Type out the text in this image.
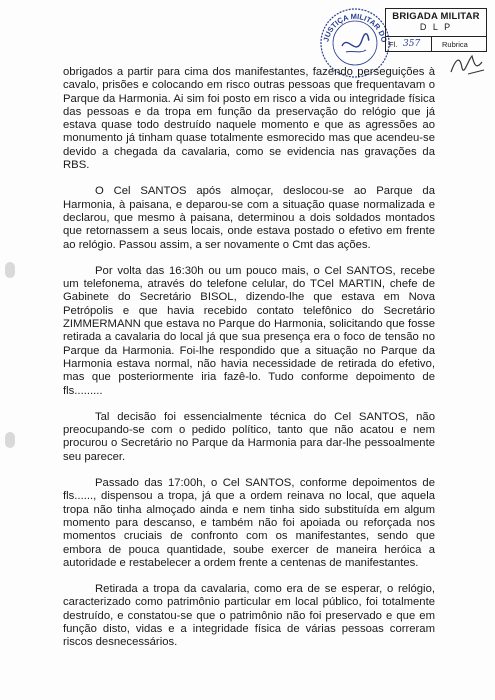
JUSTIÇA MILITAR DO
BRIGADA MILITAR
D L P
Fl. 357	Rubrica

obrigados a partir para cima dos manifestantes, fazendo perseguições à cavalo, prisões e colocando em risco outras pessoas que frequentavam o Parque da Harmonia. Ai sim foi posto em risco a vida ou integridade física das pessoas e da tropa em função da preservação do relógio que já estava quase todo destruído naquele momento e que as agressões ao monumento já tinham quase totalmente esmorecido mas que acendeu-se devido a chegada da cavalaria, como se evidencia nas gravações da RBS.

O Cel SANTOS após almoçar, deslocou-se ao Parque da Harmonia, à paisana, e deparou-se com a situação quase normalizada e declarou, que mesmo à paisana, determinou a dois soldados montados que retornassem a seus locais, onde estava postado o efetivo em frente ao relógio. Passou assim, a ser novamente o Cmt das ações.

Por volta das 16:30h ou um pouco mais, o Cel SANTOS, recebe um telefonema, através do telefone celular, do TCel MARTIN, chefe de Gabinete do Secretário BISOL, dizendo-lhe que estava em Nova Petrópolis e que havia recebido contato telefônico do Secretário ZIMMERMANN que estava no Parque do Harmonia, solicitando que fosse retirada a cavalaria do local já que sua presença era o foco de tensão no Parque da Harmonia. Foi-lhe respondido que a situação no Parque da Harmonia estava normal, não havia necessidade de retirada do efetivo, mas que posteriormente iria fazê-lo. Tudo conforme depoimento de fls.........

Tal decisão foi essencialmente técnica do Cel SANTOS, não preocupando-se com o pedido político, tanto que não acatou e nem procurou o Secretário no Parque da Harmonia para dar-lhe pessoalmente seu parecer.

Passado das 17:00h, o Cel SANTOS, conforme depoimentos de fls......, dispensou a tropa, já que a ordem reinava no local, que aquela tropa não tinha almoçado ainda e nem tinha sido substituída em algum momento para descanso, e também não foi apoiada ou reforçada nos momentos cruciais de confronto com os manifestantes, sendo que embora de pouca quantidade, soube exercer de maneira heróica a autoridade e restabelecer a ordem frente a centenas de manifestantes.

Retirada a tropa da cavalaria, como era de se esperar, o relógio, caracterizado como patrimônio particular em local público, foi totalmente destruído, e constatou-se que o patrimônio não foi preservado e que em função disto, vidas e a integridade física de várias pessoas correram riscos desnecessários.
